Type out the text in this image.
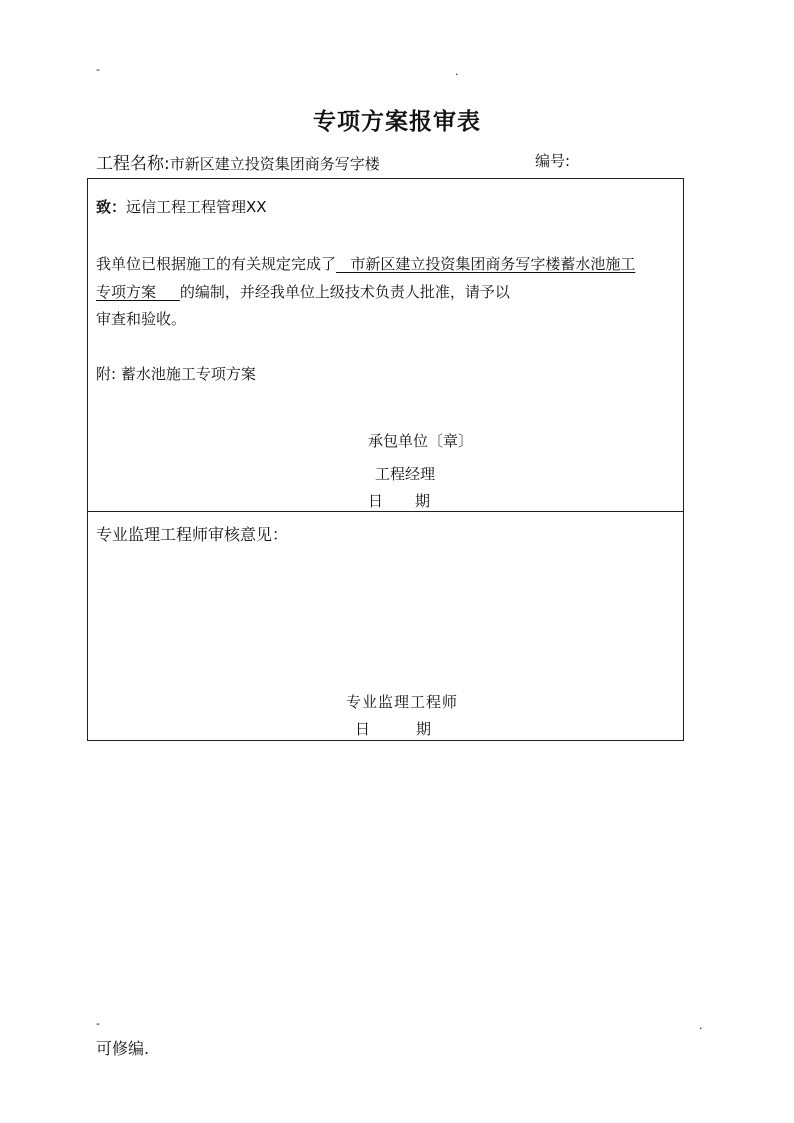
-	.
专项方案报审表
工程名称:市新区建立投资集团商务写字楼	编号:
致：远信工程工程管理XX
我单位已根据施工的有关规定完成了   市新区建立投资集团商务写字楼蓄水池施工
专项方案     的编制，并经我单位上级技术负责人批准，请予以
审查和验收。
附: 蓄水池施工专项方案
承包单位〔章〕
工程经理
日 期
专业监理工程师审核意见：
专业监理工程师
日	期
-	.
可修编.
